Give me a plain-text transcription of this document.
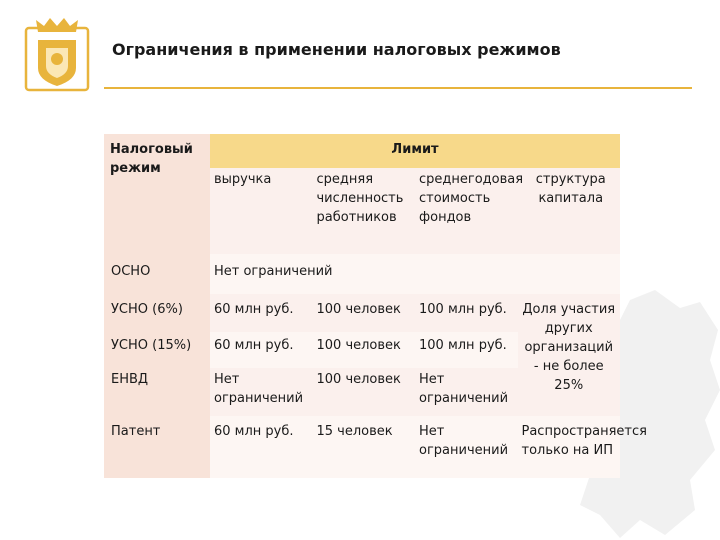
Ограничения в применении налоговых режимов
Налоговый режим	Лимит			

	выручка	средняя численность работников	среднегодовая стоимость фондов	структура капитала

ОСНО	Нет ограничений			

УСНО (6%)	60 млн руб.	100 человек	100 млн руб.	Доля участия других организаций - не более 25%

УСНО (15%)	60 млн руб.	100 человек	100 млн руб.	

ЕНВД	Нет ограничений	100 человек	Нет ограничений	

Патент	60 млн руб.	15 человек	Нет ограничений	Распространяется только на ИП
